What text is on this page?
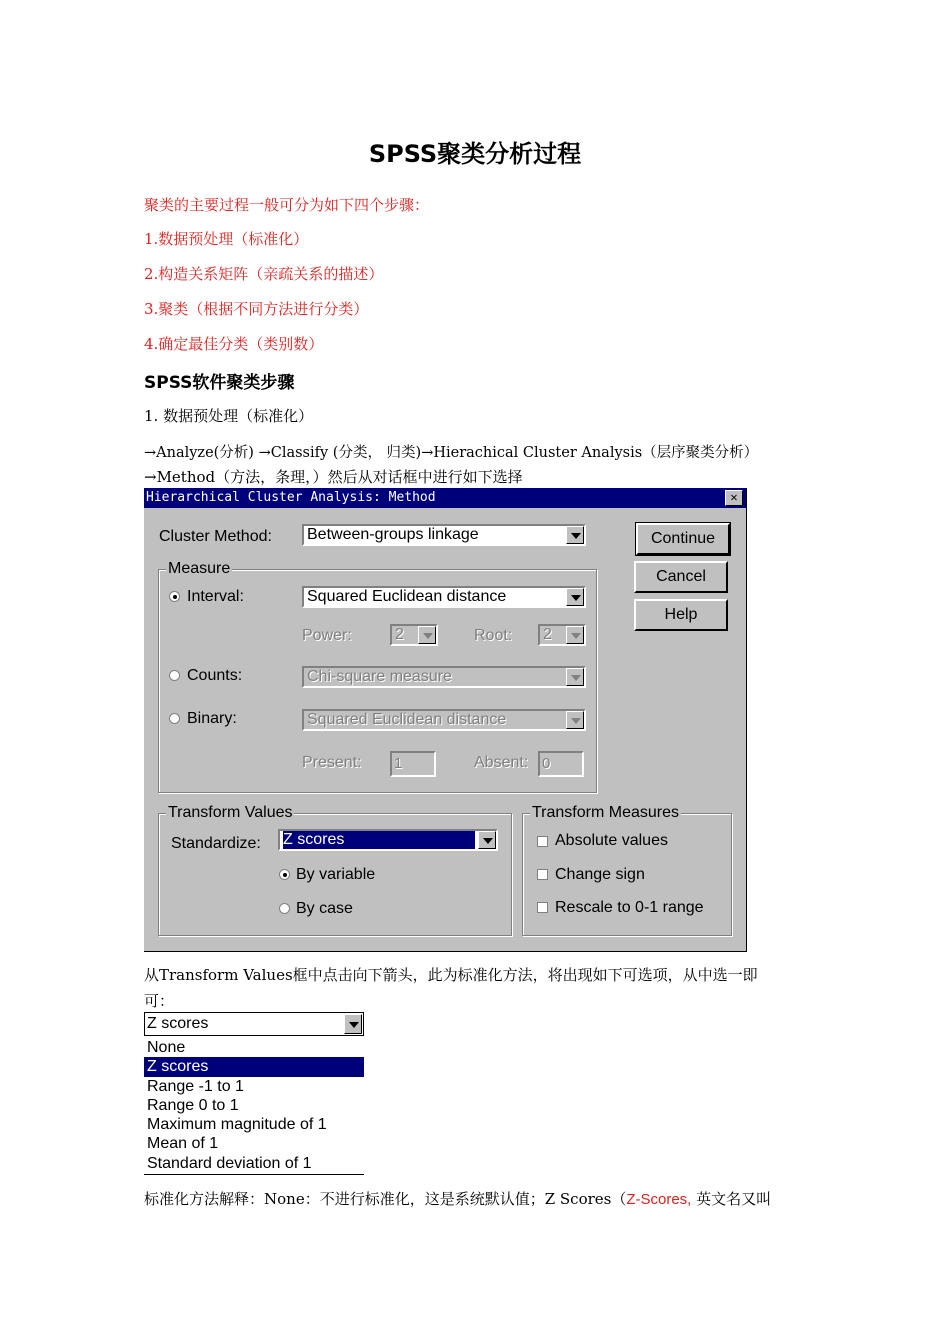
SPSS聚类分析过程
聚类的主要过程一般可分为如下四个步骤：
1.数据预处理（标准化）
2.构造关系矩阵（亲疏关系的描述）
3.聚类（根据不同方法进行分类）
4.确定最佳分类（类别数）
SPSS软件聚类步骤
1. 数据预处理（标准化）
→Analyze(分析) →Classify (分类， 归类)→Hierachical Cluster Analysis（层序聚类分析）
→Method（方法，条理，）然后从对话框中进行如下选择
Hierarchical Cluster Analysis: Method	✕
Cluster Method:	Between-groups linkage	Continue
Cancel
Help
Measure
Interval:	Squared Euclidean distance
Power:	2	Root:	2
Counts:	Chi-square measure
Binary:	Squared Euclidean distance
Present: 1	Absent: 0
Transform Values
Standardize:	Z scores
By variable
By case
Transform Measures
Absolute values
Change sign
Rescale to 0-1 range
从Transform Values框中点击向下箭头，此为标准化方法，将出现如下可选项，从中选一即
可：
Z scores
None
Z scores
Range -1 to 1
Range 0 to 1
Maximum magnitude of 1
Mean of 1
Standard deviation of 1
标准化方法解释：None：不进行标准化，这是系统默认值；Z Scores（Z-Scores, 英文名又叫
